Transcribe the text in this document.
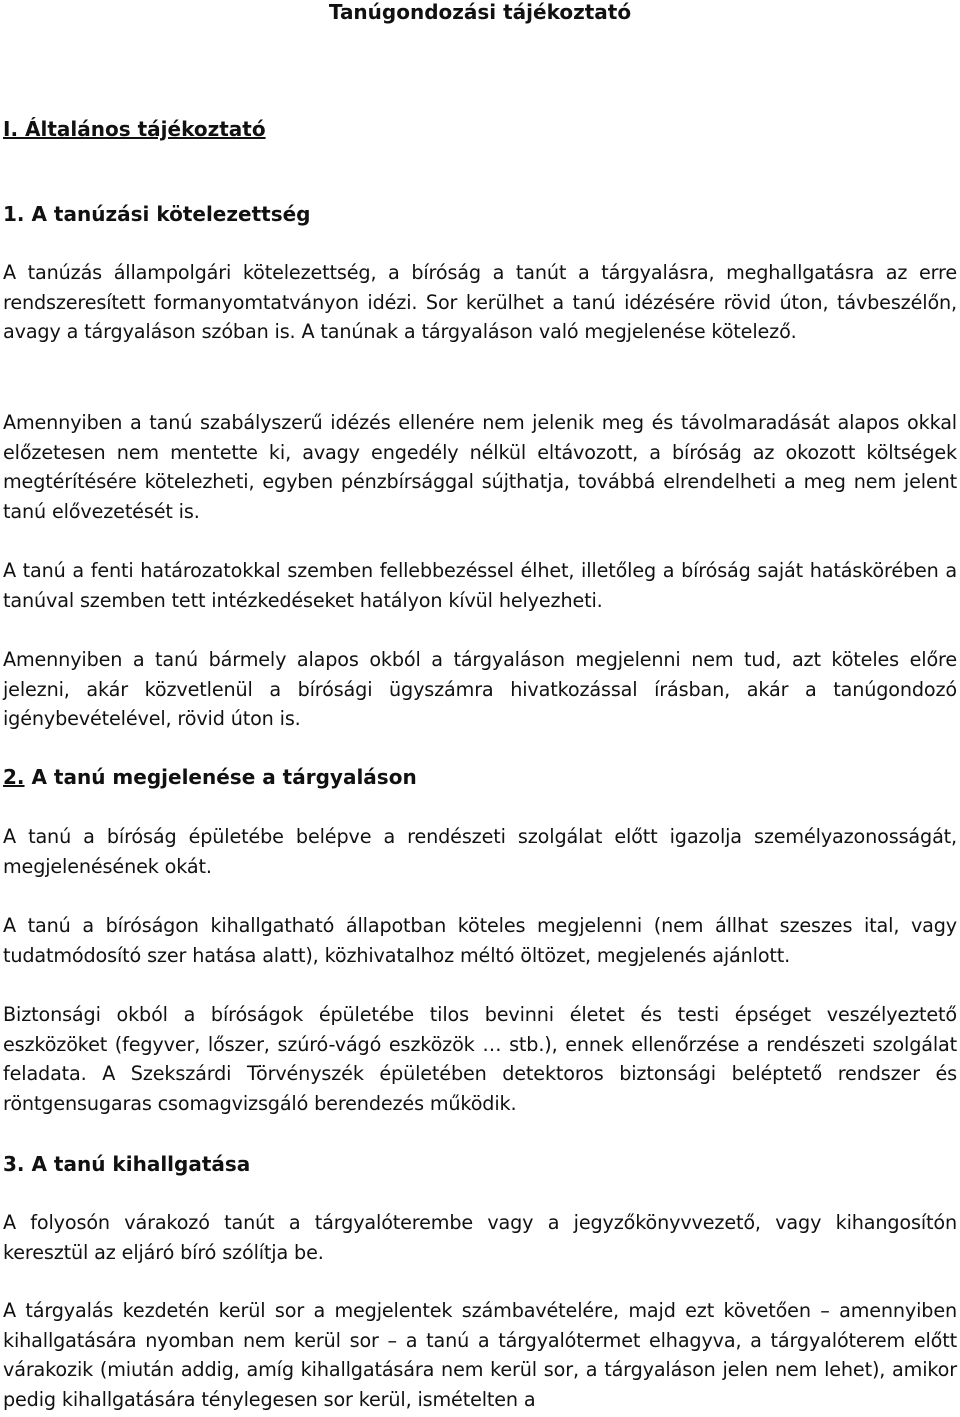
Tanúgondozási tájékoztató
I. Általános tájékoztató
1. A tanúzási kötelezettség

A tanúzás állampolgári kötelezettség, a bíróság a tanút a tárgyalásra, meghallgatásra az erre rendszeresített formanyomtatványon idézi. Sor kerülhet a tanú idézésére rövid úton, távbeszélőn, avagy a tárgyaláson szóban is. A tanúnak a tárgyaláson való megjelenése kötelező.

Amennyiben a tanú szabályszerű idézés ellenére nem jelenik meg és távolmaradását alapos okkal előzetesen nem mentette ki, avagy engedély nélkül eltávozott, a bíróság az okozott költségek megtérítésére kötelezheti, egyben pénzbírsággal sújthatja, továbbá elrendelheti a meg nem jelent tanú elővezetését is.

A tanú a fenti határozatokkal szemben fellebbezéssel élhet, illetőleg a bíróság saját hatáskörében a tanúval szemben tett intézkedéseket hatályon kívül helyezheti.

Amennyiben a tanú bármely alapos okból a tárgyaláson megjelenni nem tud, azt köteles előre jelezni, akár közvetlenül a bírósági ügyszámra hivatkozással írásban, akár a tanúgondozó igénybevételével, rövid úton is.

2. A tanú megjelenése a tárgyaláson

A tanú a bíróság épületébe belépve a rendészeti szolgálat előtt igazolja személyazonosságát, megjelenésének okát.

A tanú a bíróságon kihallgatható állapotban köteles megjelenni (nem állhat szeszes ital, vagy tudatmódosító szer hatása alatt), közhivatalhoz méltó öltözet, megjelenés ajánlott.

Biztonsági okból a bíróságok épületébe tilos bevinni életet és testi épséget veszélyeztető eszközöket (fegyver, lőszer, szúró-vágó eszközök … stb.), ennek ellenőrzése a rendészeti szolgálat feladata. A Szekszárdi Törvényszék épületében detektoros biztonsági beléptető rendszer és röntgensugaras csomagvizsgáló berendezés működik.

3. A tanú kihallgatása

A folyosón várakozó tanút a tárgyalóterembe vagy a jegyzőkönyvvezető, vagy kihangosítón keresztül az eljáró bíró szólítja be.

A tárgyalás kezdetén kerül sor a megjelentek számbavételére, majd ezt követően – amennyiben kihallgatására nyomban nem kerül sor – a tanú a tárgyalótermet elhagyva, a tárgyalóterem előtt várakozik (miután addig, amíg kihallgatására nem kerül sor, a tárgyaláson jelen nem lehet), amikor pedig kihallgatására ténylegesen sor kerül, ismételten a
